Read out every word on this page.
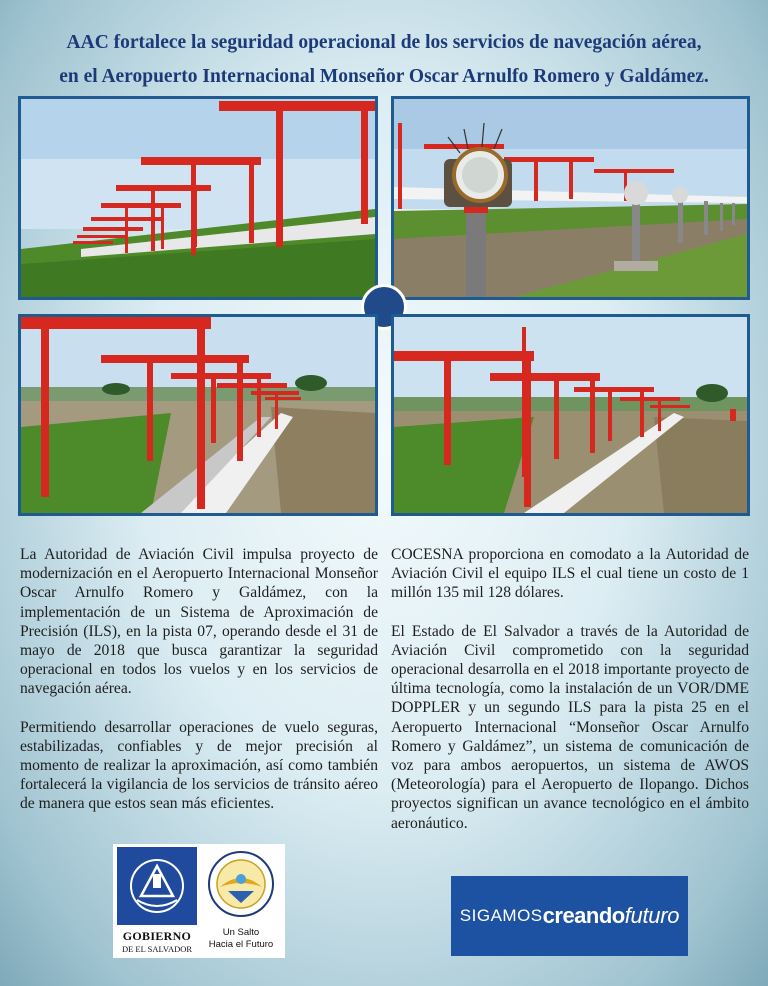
AAC fortalece la seguridad operacional de los servicios de navegación aérea,
en el Aeropuerto Internacional Monseñor Oscar Arnulfo Romero y Galdámez.

La Autoridad de Aviación Civil impulsa proyecto de modernización en el Aeropuerto Internacional Monseñor Oscar Arnulfo Romero y Galdámez, con la implementación de un Sistema de Aproximación de Precisión (ILS), en la pista 07, operando desde el 31 de mayo de 2018 que busca garantizar la seguridad operacional en todos los vuelos y en los servicios de navegación aérea.

Permitiendo desarrollar operaciones de vuelo seguras, estabilizadas, confiables y de mejor precisión al momento de realizar la aproximación, así como también fortalecerá la vigilancia de los servicios de tránsito aéreo de manera que estos sean más eficientes.

COCESNA proporciona en comodato a la Autoridad de Aviación Civil el equipo ILS el cual tiene un costo de 1 millón 135 mil 128 dólares.

El Estado de El Salvador a través de la Autoridad de Aviación Civil comprometido con la seguridad operacional desarrolla en el 2018 importante proyecto de última tecnología, como la instalación de un VOR/DME DOPPLER y un segundo ILS para la pista 25 en el Aeropuerto Internacional “Monseñor Oscar Arnulfo Romero y Galdámez”, un sistema de comunicación de voz para ambos aeropuertos, un sistema de AWOS (Meteorología) para el Aeropuerto de Ilopango. Dichos proyectos significan un avance tecnológico en el ámbito aeronáutico.

GOBIERNO
DE EL SALVADOR
Un Salto
Hacia el Futuro
SIGAMOS creando futuro
